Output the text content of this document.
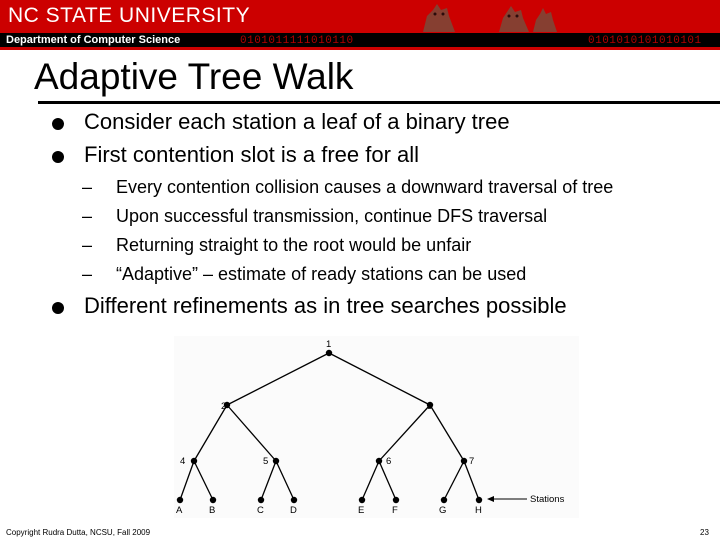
NC STATE UNIVERSITY
Department of Computer Science	0101011111010110	0101010101010101
Adaptive Tree Walk
Consider each station a leaf of a binary tree
First contention slot is a free for all
– Every contention collision causes a downward traversal of tree
– Upon successful transmission, continue DFS traversal
– Returning straight to the root would be unfair
– “Adaptive” – estimate of ready stations can be used
Different refinements as in tree searches possible
1
2	3
4	5	6	7
A	B	C	D	E	F	G	H
Stations
Copyright Rudra Dutta, NCSU, Fall 2009	23
